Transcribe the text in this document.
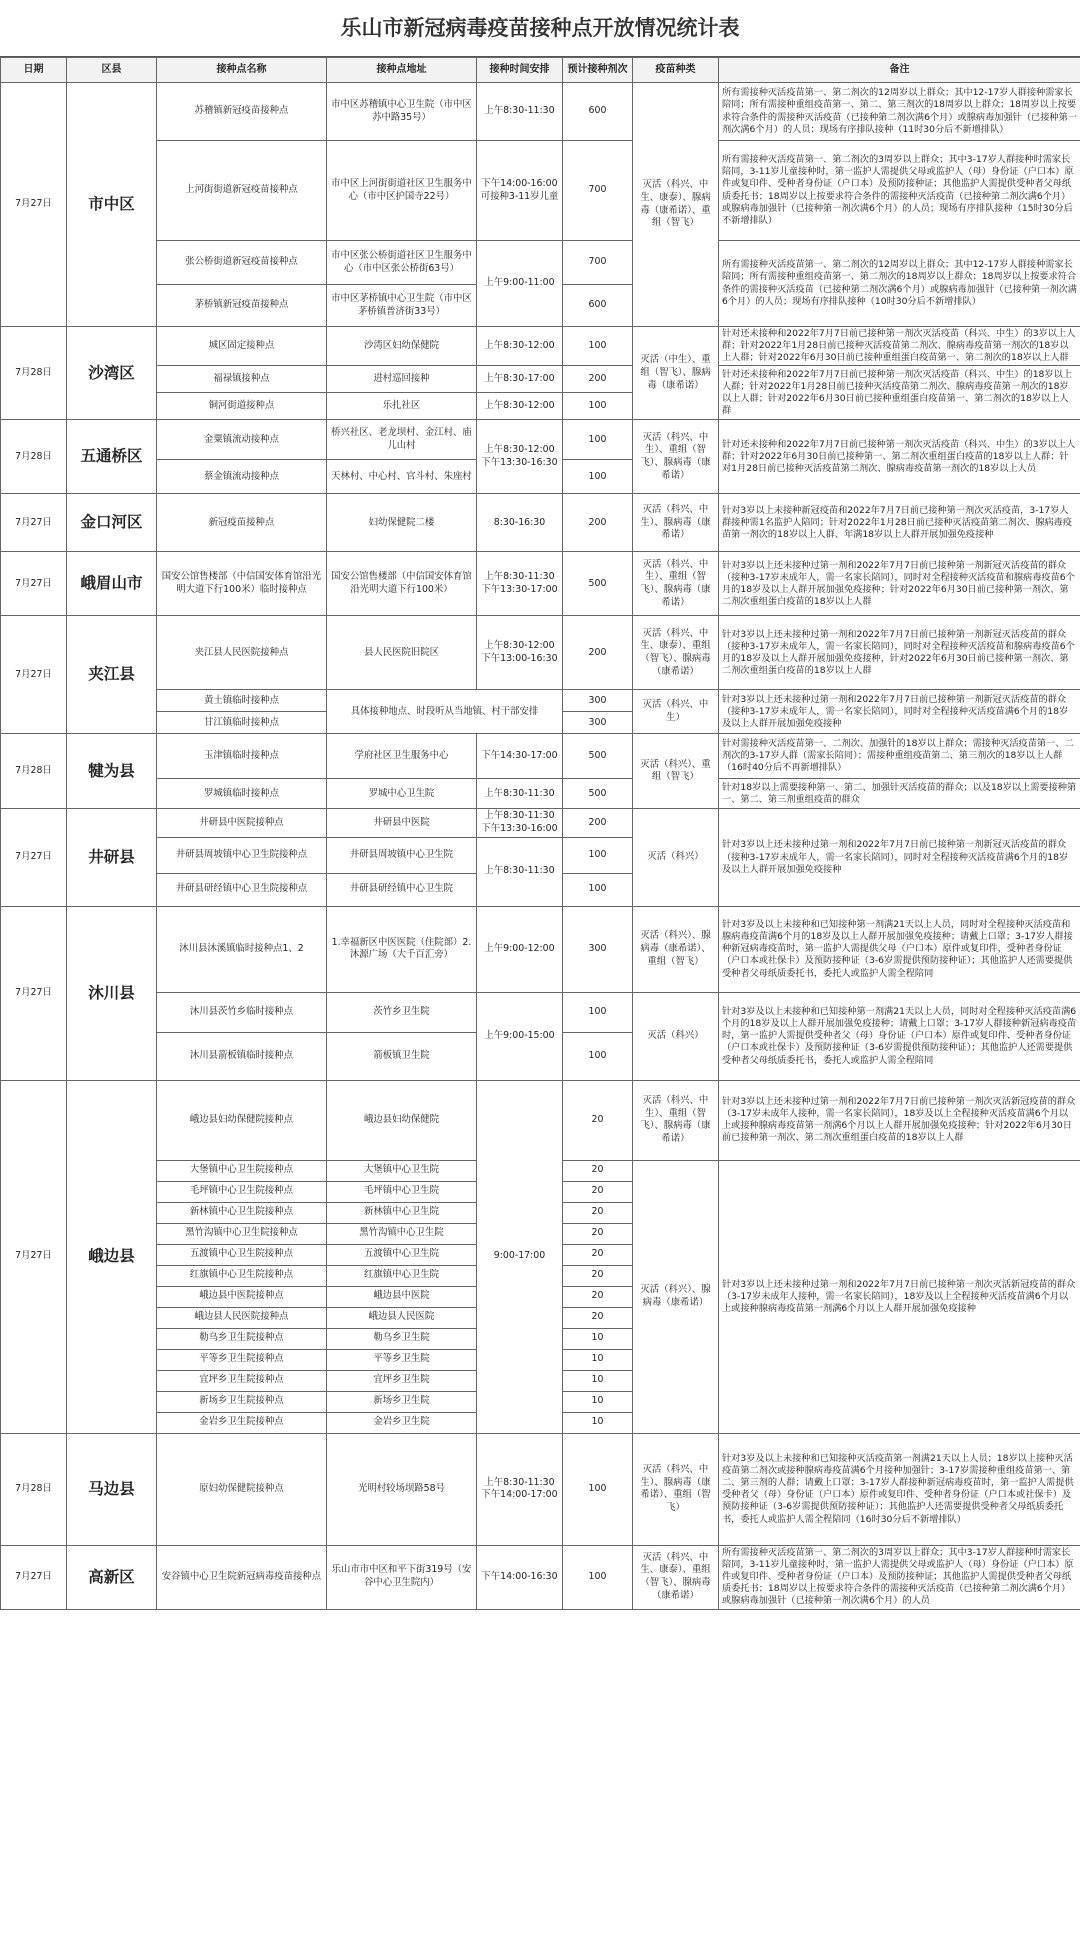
乐山市新冠病毒疫苗接种点开放情况统计表
日期	区县	接种点名称	接种点地址	接种时间安排	预计接种剂次	疫苗种类	备注
7月27日	市中区	苏稽镇新冠疫苗接种点	市中区苏稽镇中心卫生院（市中区苏中路35号）	上午8:30-11:30	600	灭活（科兴、中生、康泰）、腺病毒（康希诺）、重组（智飞）	所有需接种灭活疫苗第一、第二剂次的12周岁以上群众；其中12-17岁人群接种需家长陪同；所有需接种重组疫苗第一、第二、第三剂次的18周岁以上群众；18周岁以上按要求符合条件的需接种灭活疫苗（已接种第二剂次满6个月）或腺病毒加强针（已接种第一剂次满6个月）的人员；现场有序排队接种（11时30分后不新增排队）
		上河街街道新冠疫苗接种点	市中区上河街街道社区卫生服务中心（市中区护国寺22号）	下午14:00-16:00
可接种3-11岁儿童	700		所有需接种灭活疫苗第一、第二剂次的3周岁以上群众；其中3-17岁人群接种时需家长陪同，3-11岁儿童接种时，第一监护人需提供父母或监护人（母）身份证（户口本）原件或复印件、受种者身份证（户口本）及预防接种证；其他监护人需提供受种者父母纸质委托书；18周岁以上按要求符合条件的需接种灭活疫苗（已接种第二剂次满6个月）或腺病毒加强针（已接种第一剂次满6个月）的人员；现场有序排队接种（15时30分后不新增排队）
		张公桥街道新冠疫苗接种点	市中区张公桥街道社区卫生服务中心（市中区张公桥街63号）	上午9:00-11:00	700		所有需接种灭活疫苗第一、第二剂次的12周岁以上群众；其中12-17岁人群接种需家长陪同；所有需接种重组疫苗第一、第二剂次的18周岁以上群众；18周岁以上按要求符合条件的需接种灭活疫苗（已接种第二剂次满6个月）或腺病毒加强针（已接种第一剂次满6个月）的人员；现场有序排队接种（10时30分后不新增排队）
		茅桥镇新冠疫苗接种点	市中区茅桥镇中心卫生院（市中区茅桥镇普济街33号）		600		
7月28日	沙湾区	城区固定接种点	沙湾区妇幼保健院	上午8:30-12:00	100	灭活（中生）、重组（智飞）、腺病毒（康希诺）	针对还未接种和2022年7月7日前已接种第一剂次灭活疫苗（科兴、中生）的3岁以上人群；针对2022年1月28日前已接种灭活疫苗第二剂次、腺病毒疫苗第一剂次的18岁以上人群；针对2022年6月30日前已接种重组蛋白疫苗第一、第二剂次的18岁以上人群
		福禄镇接种点	进村巡回接种	上午8:30-17:00	200		针对还未接种和2022年7月7日前已接种第一剂次灭活疫苗（科兴、中生）的18岁以上人群；针对2022年1月28日前已接种灭活疫苗第二剂次、腺病毒疫苗第一剂次的18岁以上人群；针对2022年6月30日前已接种重组蛋白疫苗第一、第二剂次的18岁以上人群
		铜河街道接种点	乐扎社区	上午8:30-12:00	100		
7月28日	五通桥区	金粟镇流动接种点	桥兴社区、老龙坝村、金江村、庙儿山村	上午8:30-12:00
下午13:30-16:30	100	灭活（科兴、中生）、重组（智飞）、腺病毒（康希诺）	针对还未接种和2022年7月7日前已接种第一剂次灭活疫苗（科兴、中生）的3岁以上人群；针对2022年6月30日前已接种第一、第二剂次重组蛋白疫苗的18岁以上人群；针对1月28日前已接种灭活疫苗第二剂次、腺病毒疫苗第一剂次的18岁以上人员
		蔡金镇流动接种点	天林村、中心村、官斗村、朱座村		100		
7月27日	金口河区	新冠疫苗接种点	妇幼保健院二楼	8:30-16:30	200	灭活（科兴、中生）、腺病毒（康希诺）	针对3岁以上未接种新冠疫苗和2022年7月7日前已接种第一剂次灭活疫苗，3-17岁人群接种需1名监护人陪同；针对2022年1月28日前已接种灭活疫苗第二剂次、腺病毒疫苗第一剂次的18岁以上人群、年满18岁以上人群开展加强免疫接种
7月27日	峨眉山市	国安公馆售楼部（中信国安体育馆沿光明大道下行100米）临时接种点	国安公馆售楼部（中信国安体育馆沿光明大道下行100米）	上午8:30-11:30
下午13:30-17:00	500	灭活（科兴、中生）、重组（智飞）、腺病毒（康希诺）	针对3岁以上还未接种过第一剂和2022年7月7日前已接种第一剂新冠灭活疫苗的群众（接种3-17岁未成年人，需一名家长陪同），同时对全程接种灭活疫苗和腺病毒疫苗6个月的18岁及以上人群开展加强免疫接种；针对2022年6月30日前已接种第一剂次、第二剂次重组蛋白疫苗的18岁以上人群
7月27日	夹江县	夹江县人民医院接种点	县人民医院旧院区	上午8:30-12:00
下午13:00-16:30	200	灭活（科兴、中生、康泰）、重组（智飞）、腺病毒（康希诺）	针对3岁以上还未接种过第一剂和2022年7月7日前已接种第一剂新冠灭活疫苗的群众（接种3-17岁未成年人，需一名家长陪同），同时对全程接种灭活疫苗和腺病毒疫苗6个月的18岁及以上人群开展加强免疫接种，针对2022年6月30日前已接种第一剂次、第二剂次重组蛋白疫苗的18岁以上人群
		黄土镇临时接种点	具体接种地点、时段听从当地镇、村干部安排		300	灭活（科兴、中生）	针对3岁以上还未接种过第一剂和2022年7月7日前已接种第一剂新冠灭活疫苗的群众（接种3-17岁未成年人，需一名家长陪同），同时对全程接种灭活疫苗满6个月的18岁及以上人群开展加强免疫接种
		甘江镇临时接种点			300		
7月28日	犍为县	玉津镇临时接种点	学府社区卫生服务中心	下午14:30-17:00	500	灭活（科兴）、重组（智飞）	针对需接种灭活疫苗第一、二剂次、加强针的18岁以上群众；需接种灭活疫苗第一、二剂次的3-17岁人群（需家长陪同）；需接种重组疫苗第二、第三剂次的18岁以上人群（16时40分后不再新增排队）
		罗城镇临时接种点	罗城中心卫生院	上午8:30-11:30	500		针对18岁以上需要接种第一、第二、加强针灭活疫苗的群众；以及18岁以上需要接种第一、第二、第三剂重组疫苗的群众
7月27日	井研县	井研县中医院接种点	井研县中医院	上午8:30-11:30
下午13:30-16:00	200	灭活（科兴）	针对3岁以上还未接种过第一剂和2022年7月7日前已接种第一剂新冠灭活疫苗的群众（接种3-17岁未成年人，需一名家长陪同），同时对全程接种灭活疫苗满6个月的18岁及以上人群开展加强免疫接种
		井研县周坡镇中心卫生院接种点	井研县周坡镇中心卫生院	上午8:30-11:30	100		
		井研县研经镇中心卫生院接种点	井研县研经镇中心卫生院		100		
7月27日	沐川县	沐川县沐溪镇临时接种点1、2	1.幸福新区中医医院（住院部）2.沐源广场（大千百汇旁）	上午9:00-12:00	300	灭活（科兴）、腺病毒（康希诺）、重组（智飞）	针对3岁及以上未接种和已知接种第一剂满21天以上人员，同时对全程接种灭活疫苗和腺病毒疫苗满6个月的18岁及以上人群开展加强免疫接种；请戴上口罩；3-17岁人群接种新冠病毒疫苗时，第一监护人需提供父母（户口本）原件或复印件，受种者身份证（户口本或社保卡）及预防接种证（3-6岁需提供预防接种证）；其他监护人还需要提供受种者父母纸质委托书，委托人或监护人需全程陪同
		沐川县茨竹乡临时接种点	茨竹乡卫生院	上午9:00-15:00	100	灭活（科兴）	针对3岁及以上未接种和已知接种第一剂满21天以上人员，同时对全程接种灭活疫苗满6个月的18岁及以上人群开展加强免疫接种；请戴上口罩；3-17岁人群接种新冠病毒疫苗时，第一监护人需提供受种者父（母）身份证（户口本）原件或复印件、受种者身份证（户口本或社保卡）及预防接种证（3-6岁需提供预防接种证）；其他监护人还需要提供受种者父母纸质委托书，委托人或监护人需全程陪同
		沐川县箭板镇临时接种点	箭板镇卫生院		100		
7月27日	峨边县	峨边县妇幼保健院接种点	峨边县妇幼保健院	9:00-17:00	20	灭活（科兴、中生）、重组（智飞）、腺病毒（康希诺）	针对3岁以上还未接种过第一剂和2022年7月7日前已接种第一剂次灭活新冠疫苗的群众（3-17岁未成年人接种，需一名家长陪同），18岁及以上全程接种灭活疫苗满6个月以上或接种腺病毒疫苗第一剂满6个月以上人群开展加强免疫接种；针对2022年6月30日前已接种第一剂次、第二剂次重组蛋白疫苗的18岁以上人群
		大堡镇中心卫生院接种点	大堡镇中心卫生院		20	灭活（科兴）、腺病毒（康希诺）	针对3岁以上还未接种过第一剂和2022年7月7日前已接种第一剂次灭活新冠疫苗的群众（3-17岁未成年人接种，需一名家长陪同），18岁及以上全程接种灭活疫苗满6个月以上或接种腺病毒疫苗第一剂满6个月以上人群开展加强免疫接种
		毛坪镇中心卫生院接种点	毛坪镇中心卫生院		20		
		新林镇中心卫生院接种点	新林镇中心卫生院		20		
		黑竹沟镇中心卫生院接种点	黑竹沟镇中心卫生院		20		
		五渡镇中心卫生院接种点	五渡镇中心卫生院		20		
		红旗镇中心卫生院接种点	红旗镇中心卫生院		20		
		峨边县中医院接种点	峨边县中医院		20		
		峨边县人民医院接种点	峨边县人民医院		20		
		勒乌乡卫生院接种点	勒乌乡卫生院		10		
		平等乡卫生院接种点	平等乡卫生院		10		
		宜坪乡卫生院接种点	宜坪乡卫生院		10		
		新场乡卫生院接种点	新场乡卫生院		10		
		金岩乡卫生院接种点	金岩乡卫生院		10		
7月28日	马边县	原妇幼保健院接种点	光明村较场坝路58号	上午8:30-11:30
下午14:00-17:00	100	灭活（科兴、中生）、腺病毒（康希诺）、重组（智飞）	针对3岁及以上未接种和已知接种灭活疫苗第一剂满21天以上人员；18岁以上接种灭活疫苗第二剂次或接种腺病毒疫苗满6个月接种加强针；3-17岁需接种重组疫苗第一、第二、第三剂的人群；请戴上口罩；3-17岁人群接种新冠病毒疫苗时，第一监护人需提供受种者父（母）身份证（户口本）原件或复印件、受种者身份证（户口本或社保卡）及预防接种证（3-6岁需提供预防接种证）；其他监护人还需要提供受种者父母纸质委托书，委托人或监护人需全程陪同（16时30分后不新增排队）
7月27日	高新区	安谷镇中心卫生院新冠病毒疫苗接种点	乐山市市中区和平下街319号（安谷中心卫生院内）	下午14:00-16:30	100	灭活（科兴、中生、康泰）、重组（智飞）、腺病毒（康希诺）	所有需接种灭活疫苗第一、第二剂次的3周岁以上群众；其中3-17岁人群接种时需家长陪同，3-11岁儿童接种时，第一监护人需提供父母或监护人（母）身份证（户口本）原件或复印件、受种者身份证（户口本）及预防接种证；其他监护人需提供受种者父母纸质委托书；18周岁以上按要求符合条件的需接种灭活疫苗（已接种第二剂次满6个月）或腺病毒加强针（已接种第一剂次满6个月）的人员
